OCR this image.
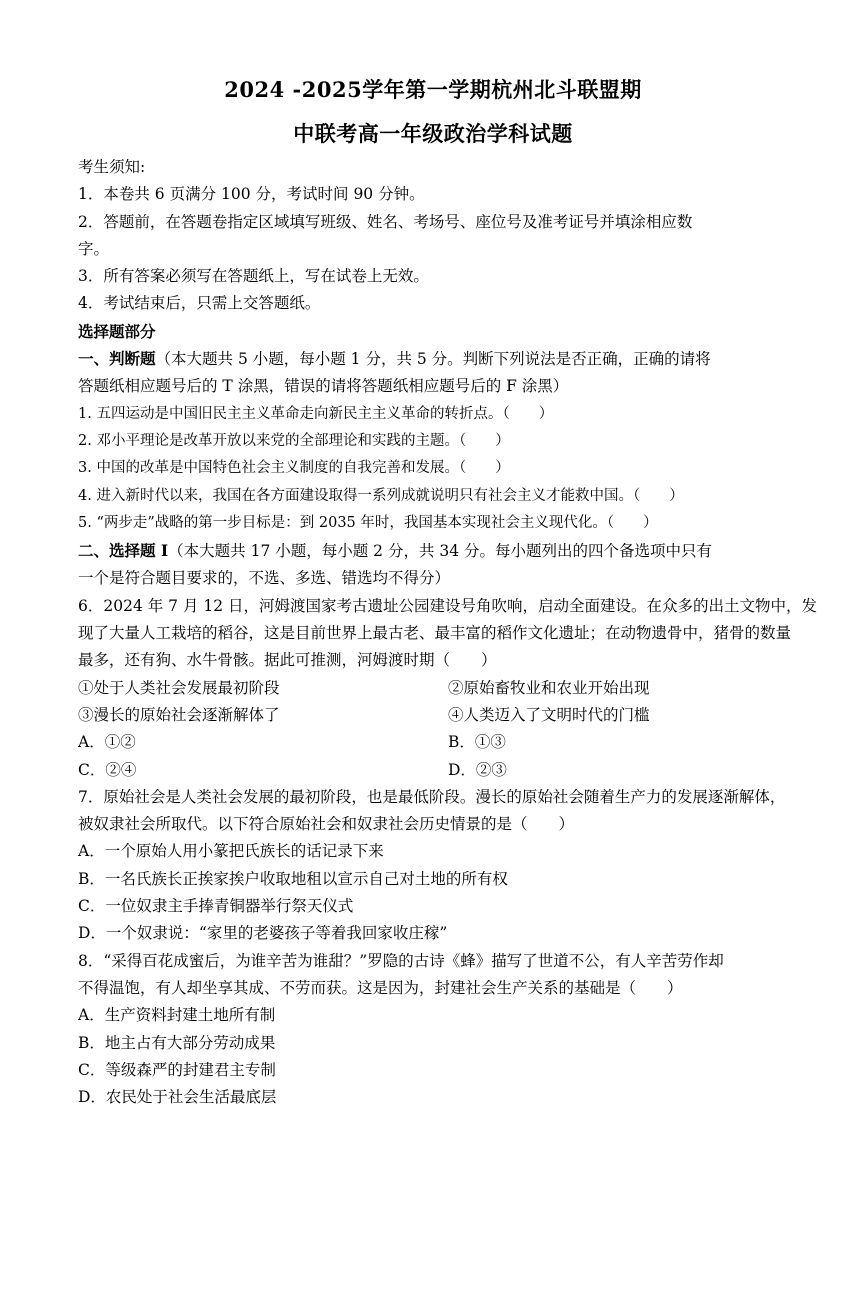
2024 -2025学年第一学期杭州北斗联盟期
中联考高一年级政治学科试题
考生须知:
1．本卷共 6 页满分 100 分，考试时间 90 分钟。
2．答题前，在答题卷指定区域填写班级、姓名、考场号、座位号及准考证号并填涂相应数
字。
3．所有答案必须写在答题纸上，写在试卷上无效。
4．考试结束后，只需上交答题纸。
选择题部分
一、判断题（本大题共 5 小题，每小题 1 分，共 5 分。判断下列说法是否正确，正确的请将
答题纸相应题号后的 T 涂黑，错误的请将答题纸相应题号后的 F 涂黑）
1. 五四运动是中国旧民主主义革命走向新民主主义革命的转折点。（　　）
2. 邓小平理论是改革开放以来党的全部理论和实践的主题。（　　）
3. 中国的改革是中国特色社会主义制度的自我完善和发展。（　　）
4. 进入新时代以来，我国在各方面建设取得一系列成就说明只有社会主义才能救中国。（　　）
5. “两步走”战略的第一步目标是：到 2035 年时，我国基本实现社会主义现代化。（　　）
二、选择题 I（本大题共 17 小题，每小题 2 分，共 34 分。每小题列出的四个备选项中只有
一个是符合题目要求的，不选、多选、错选均不得分）
6．2024 年 7 月 12 日，河姆渡国家考古遗址公园建设号角吹响，启动全面建设。在众多的出土文物中，发
现了大量人工栽培的稻谷，这是目前世界上最古老、最丰富的稻作文化遗址；在动物遗骨中，猪骨的数量
最多，还有狗、水牛骨骸。据此可推测，河姆渡时期（　　）
①处于人类社会发展最初阶段	②原始畜牧业和农业开始出现
③漫长的原始社会逐渐解体了	④人类迈入了文明时代的门槛
A．①②	B．①③
C．②④	D．②③
7．原始社会是人类社会发展的最初阶段，也是最低阶段。漫长的原始社会随着生产力的发展逐渐解体，
被奴隶社会所取代。以下符合原始社会和奴隶社会历史情景的是（　　）
A．一个原始人用小篆把氏族长的话记录下来
B．一名氏族长正挨家挨户收取地租以宣示自己对土地的所有权
C．一位奴隶主手捧青铜器举行祭天仪式
D．一个奴隶说：“家里的老婆孩子等着我回家收庄稼”
8．“采得百花成蜜后，为谁辛苦为谁甜？”罗隐的古诗《蜂》描写了世道不公，有人辛苦劳作却
不得温饱，有人却坐享其成、不劳而获。这是因为，封建社会生产关系的基础是（　　）
A．生产资料封建土地所有制
B．地主占有大部分劳动成果
C．等级森严的封建君主专制
D．农民处于社会生活最底层
